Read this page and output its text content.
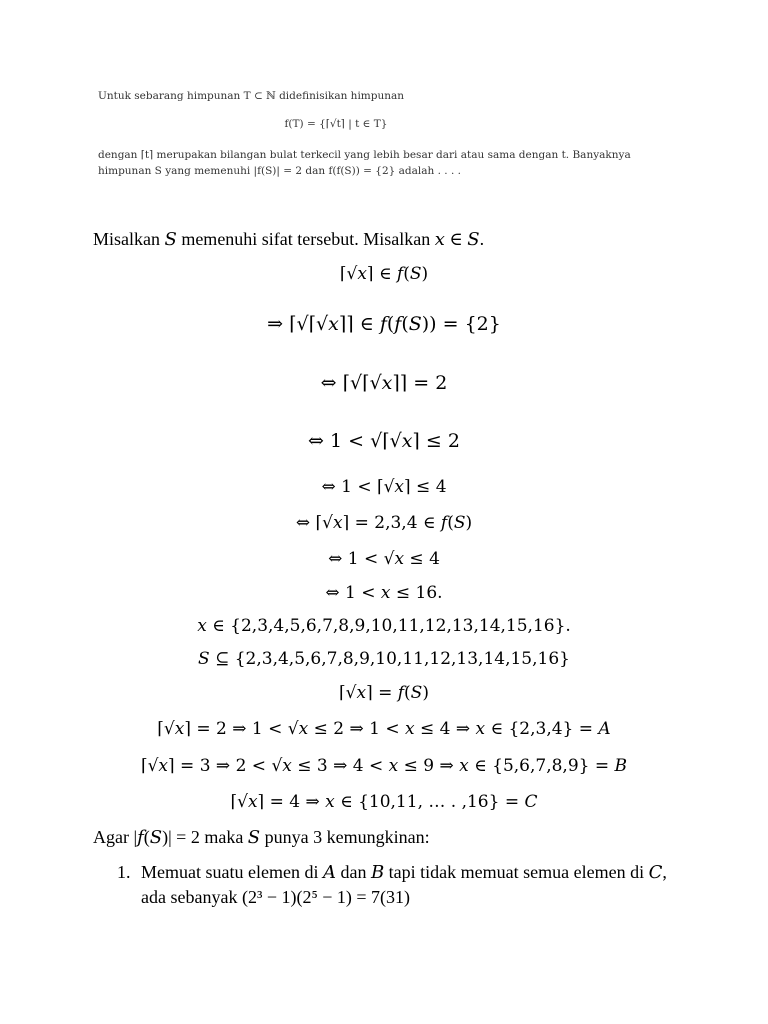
Untuk sebarang himpunan T ⊂ ℕ didefinisikan himpunan
f(T) = {⌈√t⌉ | t ∈ T}
dengan ⌈t⌉ merupakan bilangan bulat terkecil yang lebih besar dari atau sama dengan t. Banyaknya
himpunan S yang memenuhi |f(S)| = 2 dan f(f(S)) = {2} adalah . . . .
Misalkan 𝑆 memenuhi sifat tersebut. Misalkan 𝑥 ∈ 𝑆.
⌈√𝑥⌉ ∈ 𝑓(𝑆)
⇒ ⌈√⌈√𝑥⌉⌉ ∈ 𝑓(𝑓(𝑆)) = {2}
⇔ ⌈√⌈√𝑥⌉⌉ = 2
⇔ 1 < √⌈√𝑥⌉ ≤ 2
⇔ 1 < ⌈√𝑥⌉ ≤ 4
⇔ ⌈√𝑥⌉ = 2,3,4 ∈ 𝑓(𝑆)
⇔ 1 < √𝑥 ≤ 4
⇔ 1 < 𝑥 ≤ 16.
𝑥 ∈ {2,3,4,5,6,7,8,9,10,11,12,13,14,15,16}.
𝑆 ⊆ {2,3,4,5,6,7,8,9,10,11,12,13,14,15,16}
⌈√𝑥⌉ = 𝑓(𝑆)
⌈√𝑥⌉ = 2 ⇒ 1 < √𝑥 ≤ 2 ⇒ 1 < 𝑥 ≤ 4 ⇒ 𝑥 ∈ {2,3,4} = 𝐴
⌈√𝑥⌉ = 3 ⇒ 2 < √𝑥 ≤ 3 ⇒ 4 < 𝑥 ≤ 9 ⇒ 𝑥 ∈ {5,6,7,8,9} = 𝐵
⌈√𝑥⌉ = 4 ⇒ 𝑥 ∈ {10,11, … . ,16} = 𝐶
Agar |𝑓(𝑆)| = 2 maka 𝑆 punya 3 kemungkinan:
1. Memuat suatu elemen di 𝐴 dan 𝐵 tapi tidak memuat semua elemen di 𝐶, ada sebanyak (2³ − 1)(2⁵ − 1) = 7(31)
